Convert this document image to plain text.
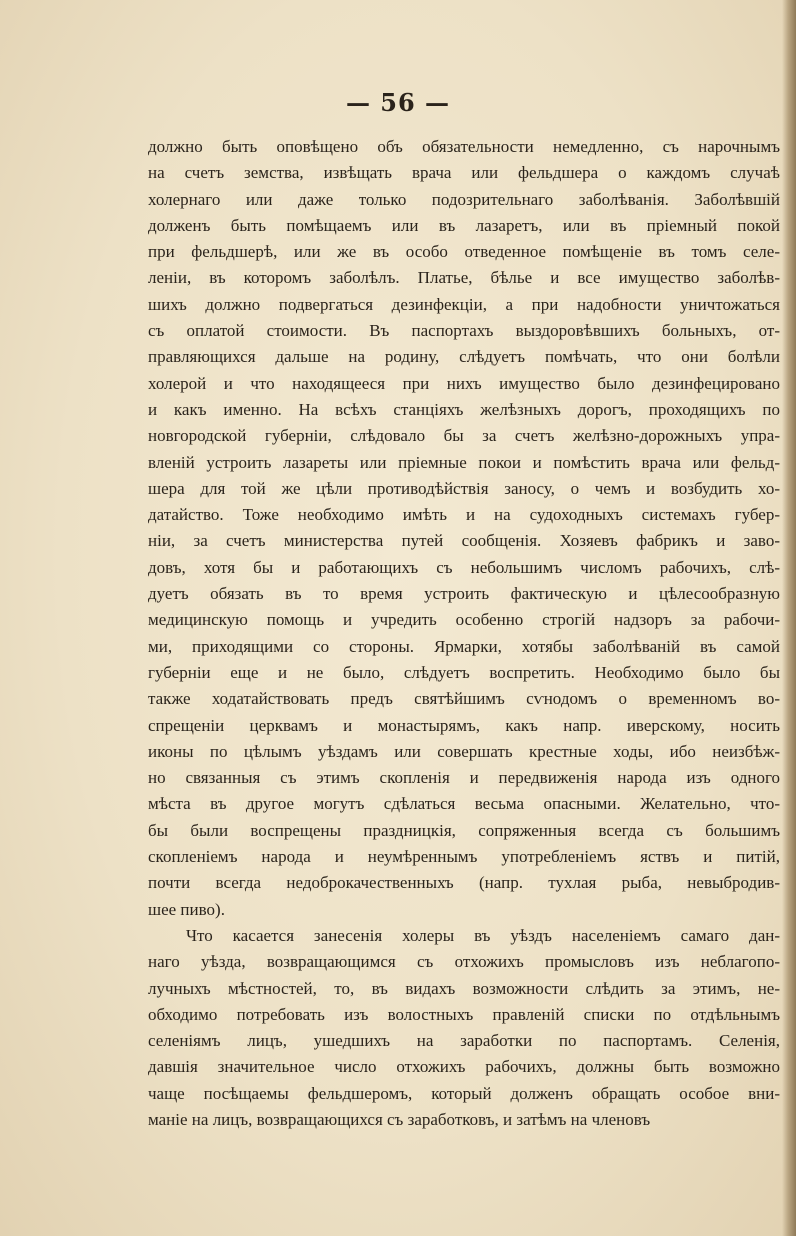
— 56 —
должно быть оповѣщено объ обязательности немедленно, съ нарочнымъ
на счетъ земства, извѣщать врача или фельдшера о каждомъ случаѣ
холернаго или даже только подозрительнаго заболѣванія. Заболѣвшій
долженъ быть помѣщаемъ или въ лазаретъ, или въ пріемный покой
при фельдшерѣ, или же въ особо отведенное помѣщеніе въ томъ селе-
леніи, въ которомъ заболѣлъ. Платье, бѣлье и все имущество заболѣв-
шихъ должно подвергаться дезинфекціи, а при надобности уничтожаться
съ оплатой стоимости. Въ паспортахъ выздоровѣвшихъ больныхъ, от-
правляющихся дальше на родину, слѣдуетъ помѣчать, что они болѣли
холерой и что находящееся при нихъ имущество было дезинфецировано
и какъ именно. На всѣхъ станціяхъ желѣзныхъ дорогъ, проходящихъ по
новгородской губерніи, слѣдовало бы за счетъ желѣзно-дорожныхъ упра-
вленій устроить лазареты или пріемные покои и помѣстить врача или фельд-
шера для той же цѣли противодѣйствія заносу, о чемъ и возбудить хо-
датайство. Тоже необходимо имѣть и на судоходныхъ системахъ губер-
ніи, за счетъ министерства путей сообщенія. Хозяевъ фабрикъ и заво-
довъ, хотя бы и работающихъ съ небольшимъ числомъ рабочихъ, слѣ-
дуетъ обязать въ то время устроить фактическую и цѣлесообразную
медицинскую помощь и учредить особенно строгій надзоръ за рабочи-
ми, приходящими со стороны. Ярмарки, хотябы заболѣваній въ самой
губерніи еще и не было, слѣдуетъ воспретить. Необходимо было бы
также ходатайствовать предъ святѣйшимъ сѵнодомъ о временномъ во-
спрещеніи церквамъ и монастырямъ, какъ напр. иверскому, носить
иконы по цѣлымъ уѣздамъ или совершать крестные ходы, ибо неизбѣж-
но связанныя съ этимъ скопленія и передвиженія народа изъ одного
мѣста въ другое могутъ сдѣлаться весьма опасными. Желательно, что-
бы были воспрещены праздницкія, сопряженныя всегда съ большимъ
скопленіемъ народа и неумѣреннымъ употребленіемъ яствъ и питій,
почти всегда недоброкачественныхъ (напр. тухлая рыба, невыбродив-
шее пиво).
Что касается занесенія холеры въ уѣздъ населеніемъ самаго дан-
наго уѣзда, возвращающимся съ отхожихъ промысловъ изъ неблагопо-
лучныхъ мѣстностей, то, въ видахъ возможности слѣдить за этимъ, не-
обходимо потребовать изъ волостныхъ правленій списки по отдѣльнымъ
селеніямъ лицъ, ушедшихъ на заработки по паспортамъ. Селенія,
давшія значительное число отхожихъ рабочихъ, должны быть возможно
чаще посѣщаемы фельдшеромъ, который долженъ обращать особое вни-
маніе на лицъ, возвращающихся съ заработковъ, и затѣмъ на членовъ
